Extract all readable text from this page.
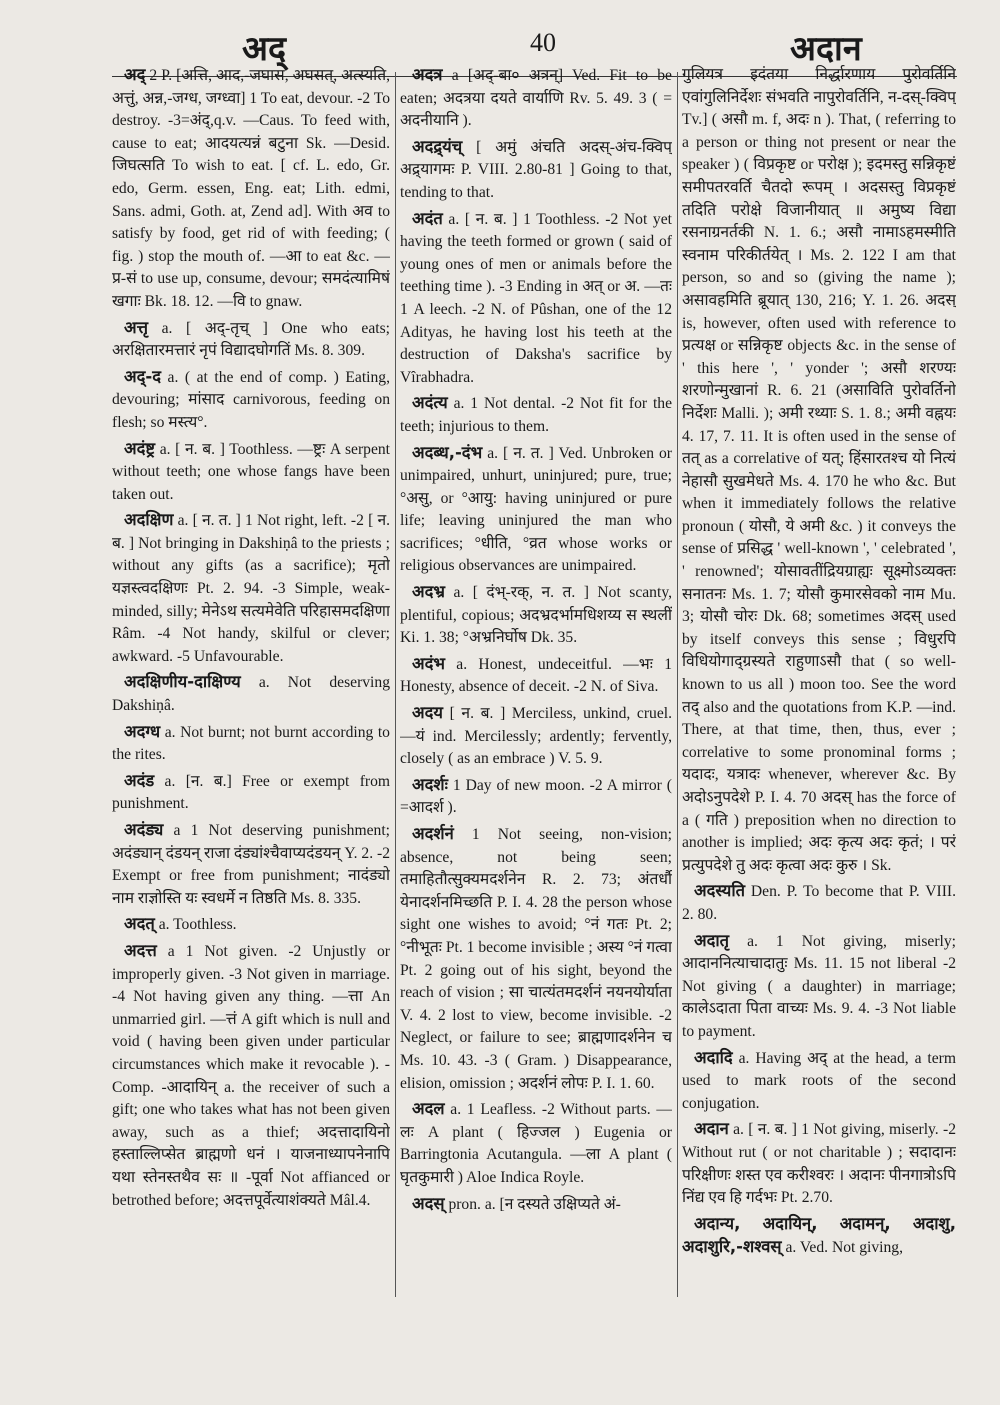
अद्	40	अदान

अद् 2 P. [अत्ति, आद,-जघास, अघसत्, अत्स्यति, अत्तुं, अन्न,-जग्ध, जग्ध्वा] 1 To eat, devour. -2 To destroy. -3=अंद्,q.v. —Caus. To feed with, cause to eat; आदयत्यन्नं बटुना Sk. —Desid. जिघत्सति To wish to eat. [ cf. L. edo, Gr. edo, Germ. essen, Eng. eat; Lith. edmi, Sans. admi, Goth. at, Zend ad]. With अव to satisfy by food, get rid of with feeding; ( fig. ) stop the mouth of. —आ to eat &c. —प्र-सं to use up, consume, devour; समदंत्यामिषं खगाः Bk. 18. 12. —वि to gnaw.

अत्तृ a. [ अद्-तृच् ] One who eats; अरक्षितारमत्तारं नृपं विद्यादघोगतिं Ms. 8. 309.

अद्-द a. ( at the end of comp. ) Eating, devouring; मांसाद carnivorous, feeding on flesh; so मस्त्य°.

अदंष्ट्र a. [ न. ब. ] Toothless. —ष्ट्रः A serpent without teeth; one whose fangs have been taken out.

अदक्षिण a. [ न. त. ] 1 Not right, left. -2 [ न. ब. ] Not bringing in Dakshiṇâ to the priests ; without any gifts (as a sacrifice); मृतो यज्ञस्त्वदक्षिणः Pt. 2. 94. -3 Simple, weak-minded, silly; मेनेऽथ सत्यमेवेति परिहासमदक्षिणा Râm. -4 Not handy, skilful or clever; awkward. -5 Unfavourable.

अदक्षिणीय-दाक्षिण्य a. Not deserving Dakshiṇâ.

अदग्ध a. Not burnt; not burnt according to the rites.

अदंड a. [न. ब.] Free or exempt from punishment.

अदंड्य a 1 Not deserving punishment; अदंड्यान् दंडयन् राजा दंड्यांश्चैवाप्यदंडयन् Y. 2. -2 Exempt or free from punishment; नादंड्यो नाम राज्ञोस्ति यः स्वधर्मे न तिष्ठति Ms. 8. 335.

अदत् a. Toothless.

अदत्त a 1 Not given. -2 Unjustly or improperly given. -3 Not given in marriage. -4 Not having given any thing. —त्ता An unmarried girl. —त्तं A gift which is null and void ( having been given under particular circumstances which make it revocable ). -Comp. -आदायिन् a. the receiver of such a gift; one who takes what has not been given away, such as a thief; अदत्तादायिनो हस्ताल्लिप्सेत ब्राह्मणो धनं । याजनाध्यापनेनापि यथा स्तेनस्तथैव सः ॥ -पूर्वा Not affianced or betrothed before; अदत्तपूर्वेत्याशंक्यते Mâl.4.

अदत्र a [अद्-बा० अत्रन्] Ved. Fit to be eaten; अदत्रया दयते वार्याणि Rv. 5. 49. 3 ( = अदनीयानि ).

अदद्र्यंच् [ अमुं अंचति अदस्-अंच-क्विप् अद्र्यागमः P. VIII. 2.80-81 ] Going to that, tending to that.

अदंत a. [ न. ब. ] 1 Toothless. -2 Not yet having the teeth formed or grown ( said of young ones of men or animals before the teething time ). -3 Ending in अत् or अ. —तः 1 A leech. -2 N. of Pûshan, one of the 12 Adityas, he having lost his teeth at the destruction of Daksha's sacrifice by Vîrabhadra.

अदंत्य a. 1 Not dental. -2 Not fit for the teeth; injurious to them.

अदब्ध,-दंभ a. [ न. त. ] Ved. Unbroken or unimpaired, unhurt, uninjured; pure, true; °असु, or °आयु: having uninjured or pure life; leaving uninjured the man who sacrifices; °धीति, °व्रत whose works or religious observances are unimpaired.

अदभ्र a. [ दंभ्-रक्, न. त. ] Not scanty, plentiful, copious; अदभ्रदर्भामधिशय्य स स्थलीं Ki. 1. 38; °अभ्रनिर्घोष Dk. 35.

अदंभ a. Honest, undeceitful. —भः 1 Honesty, absence of deceit. -2 N. of Siva.

अदय [ न. ब. ] Merciless, unkind, cruel. —यं ind. Mercilessly; ardently; fervently, closely ( as an embrace ) V. 5. 9.

अदर्शः 1 Day of new moon. -2 A mirror ( =आदर्श ).

अदर्शनं 1 Not seeing, non-vision; absence, not being seen; तमाहितौत्सुक्यमदर्शनेन R. 2. 73; अंतर्धौ येनादर्शनमिच्छति P. I. 4. 28 the person whose sight one wishes to avoid; °नं गतः Pt. 2; °नीभूतः Pt. 1 become invisible ; अस्य °नं गत्वा Pt. 2 going out of his sight, beyond the reach of vision ; सा चात्यंतमदर्शनं नयनयोर्याता V. 4. 2 lost to view, become invisible. -2 Neglect, or failure to see; ब्राह्मणादर्शनेन च Ms. 10. 43. -3 ( Gram. ) Disappearance, elision, omission ; अदर्शनं लोपः P. I. 1. 60.

अदल a. 1 Leafless. -2 Without parts. —लः A plant ( हिज्जल ) Eugenia or Barringtonia Acutangula. —ला A plant ( घृतकुमारी ) Aloe Indica Royle.

अदस् pron. a. [न दस्यते उक्षिप्यते अं-

गुलियत्र इदंतया निर्द्धारणाय पुरोवर्तिनि एवांगुलिनिर्देशः संभवति नापुरोवर्तिनि, न-दस्-क्विप् Tv.] ( असौ m. f, अदः n ). That, ( referring to a person or thing not present or near the speaker ) ( विप्रकृष्ट or परोक्ष ); इदमस्तु सन्निकृष्टं समीपतरवर्ति चैतदो रूपम् । अदसस्तु विप्रकृष्टं तदिति परोक्षे विजानीयात् ॥ अमुष्य विद्या रसनाग्रनर्तकी N. 1. 6.; असौ नामाऽहमस्मीति स्वनाम परिकीर्तयेत् । Ms. 2. 122 I am that person, so and so (giving the name ); असावहमिति ब्रूयात् 130, 216; Y. 1. 26. अदस् is, however, often used with reference to प्रत्यक्ष or सन्निकृष्ट objects &c. in the sense of ' this here ', ' yonder '; असौ शरण्यः शरणोन्मुखानां R. 6. 21 (असाविति पुरोवर्तिनो निर्देशः Malli. ); अमी रथ्याः S. 1. 8.; अमी वह्नयः 4. 17, 7. 11. It is often used in the sense of तत् as a correlative of यत्; हिंसारतश्च यो नित्यं नेहासौ सुखमेधते Ms. 4. 170 he who &c. But when it immediately follows the relative pronoun ( योसौ, ये अमी &c. ) it conveys the sense of प्रसिद्ध ' well-known ', ' celebrated ', ' renowned'; योसावतींद्रियग्राह्यः सूक्ष्मोऽव्यक्तः सनातनः Ms. 1. 7; योसौ कुमारसेवको नाम Mu. 3; योसौ चोरः Dk. 68; sometimes अदस् used by itself conveys this sense ; विधुरपि विधियोगाद्ग्रस्यते राहुणाऽसौ that ( so well-known to us all ) moon too. See the word तद् also and the quotations from K.P. —ind. There, at that time, then, thus, ever ; correlative to some pronominal forms ; यदादः, यत्रादः whenever, wherever &c. By अदोऽनुपदेशे P. I. 4. 70 अदस् has the force of a ( गति ) preposition when no direction to another is implied; अदः कृत्य अदः कृतं; । परं प्रत्युपदेशे तु अदः कृत्वा अदः कुरु । Sk.

अदस्यति Den. P. To become that P. VIII. 2. 80.

अदातृ a. 1 Not giving, miserly; आदाननित्याचादातुः Ms. 11. 15 not liberal -2 Not giving ( a daughter) in marriage; कालेऽदाता पिता वाच्यः Ms. 9. 4. -3 Not liable to payment.

अदादि a. Having अद् at the head, a term used to mark roots of the second conjugation.

अदान a. [ न. ब. ] 1 Not giving, miserly. -2 Without rut ( or not charitable ) ; सदादानः परिक्षीणः शस्त एव करीश्वरः । अदानः पीनगात्रोऽपि निंद्य एव हि गर्दभः Pt. 2.70.

अदान्य, अदायिन्, अदामन्, अदाशु, अदाशुरि,-शश्वस् a. Ved. Not giving,
